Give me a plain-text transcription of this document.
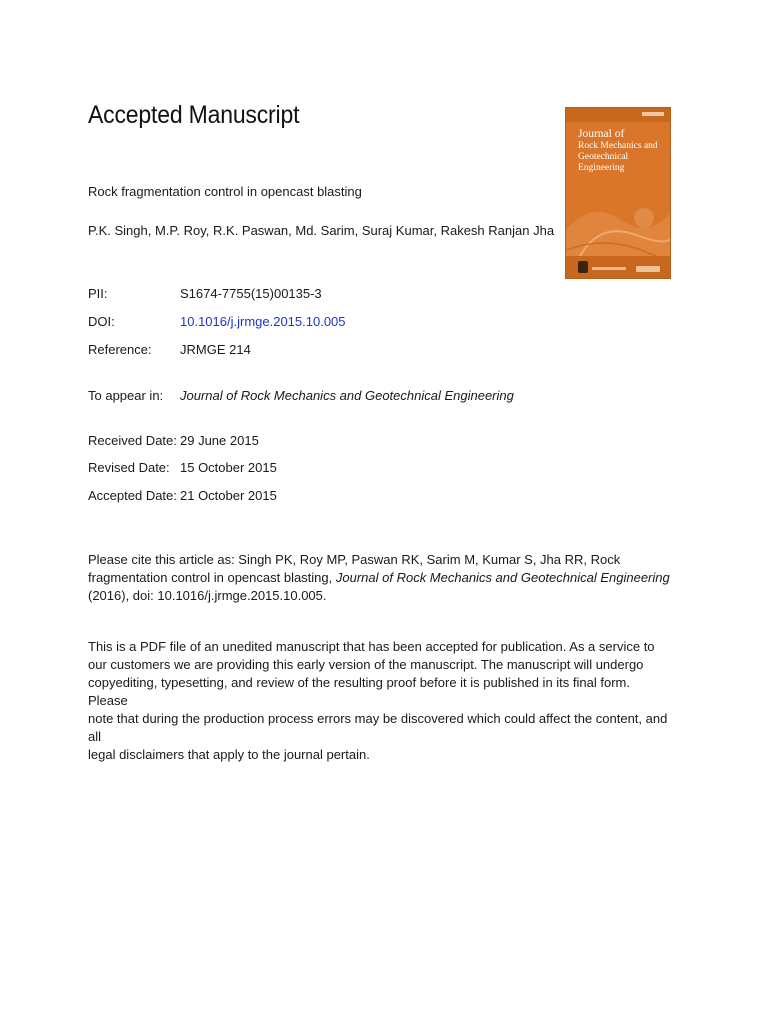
Accepted Manuscript
Journal of
Rock Mechanics and
Geotechnical
Engineering
Rock fragmentation control in opencast blasting
P.K. Singh, M.P. Roy, R.K. Paswan, Md. Sarim, Suraj Kumar, Rakesh Ranjan Jha
PII:	S1674-7755(15)00135-3
DOI:	10.1016/j.jrmge.2015.10.005
Reference: JRMGE 214
To appear in: Journal of Rock Mechanics and Geotechnical Engineering
Received Date: 29 June 2015
Revised Date: 15 October 2015
Accepted Date: 21 October 2015

Please cite this article as: Singh PK, Roy MP, Paswan RK, Sarim M, Kumar S, Jha RR, Rock

fragmentation control in opencast blasting, Journal of Rock Mechanics and Geotechnical Engineering

(2016), doi: 10.1016/j.jrmge.2015.10.005.

This is a PDF file of an unedited manuscript that has been accepted for publication. As a service to

our customers we are providing this early version of the manuscript. The manuscript will undergo

copyediting, typesetting, and review of the resulting proof before it is published in its final form. Please

note that during the production process errors may be discovered which could affect the content, and all

legal disclaimers that apply to the journal pertain.
